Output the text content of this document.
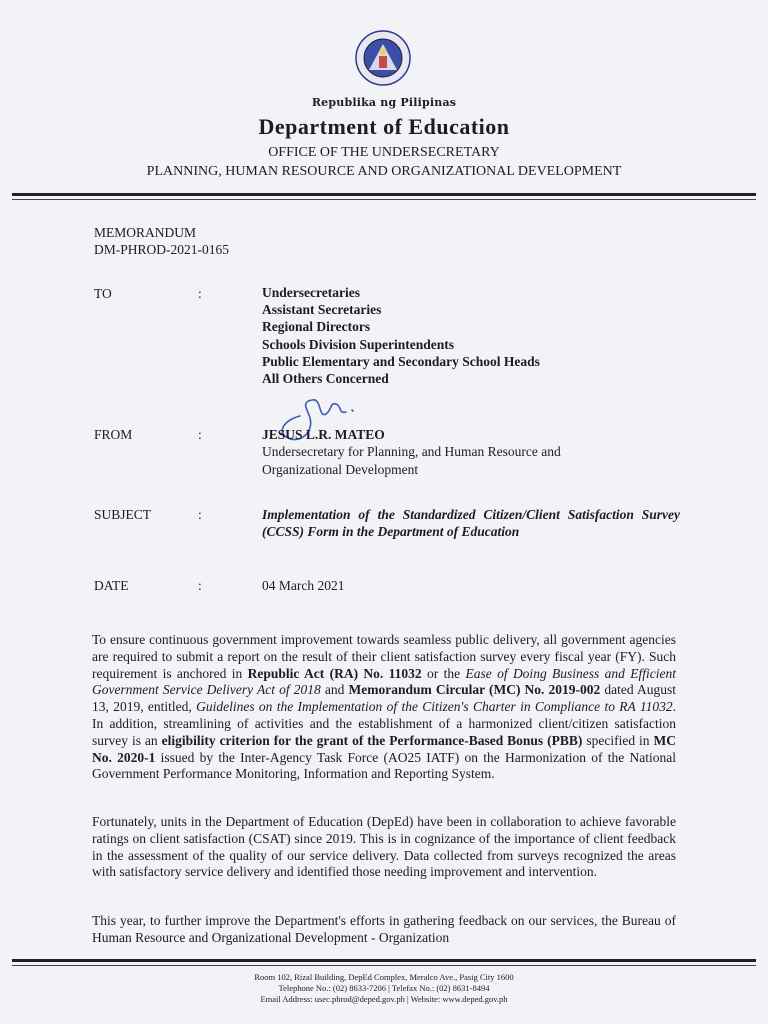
Republika ng Pilipinas
Department of Education
OFFICE OF THE UNDERSECRETARY
PLANNING, HUMAN RESOURCE AND ORGANIZATIONAL DEVELOPMENT
MEMORANDUM
DM-PHROD-2021-0165
TO	:	Undersecretaries
Assistant Secretaries
Regional Directors
Schools Division Superintendents
Public Elementary and Secondary School Heads
All Others Concerned
FROM	:	JESUS L.R. MATEO
Undersecretary for Planning, and Human Resource and Organizational Development
SUBJECT	:	Implementation of the Standardized Citizen/Client Satisfaction Survey (CCSS) Form in the Department of Education
DATE	:	04 March 2021

To ensure continuous government improvement towards seamless public delivery, all government agencies are required to submit a report on the result of their client satisfaction survey every fiscal year (FY). Such requirement is anchored in Republic Act (RA) No. 11032 or the Ease of Doing Business and Efficient Government Service Delivery Act of 2018 and Memorandum Circular (MC) No. 2019-002 dated August 13, 2019, entitled, Guidelines on the Implementation of the Citizen's Charter in Compliance to RA 11032. In addition, streamlining of activities and the establishment of a harmonized client/citizen satisfaction survey is an eligibility criterion for the grant of the Performance-Based Bonus (PBB) specified in MC No. 2020-1 issued by the Inter-Agency Task Force (AO25 IATF) on the Harmonization of the National Government Performance Monitoring, Information and Reporting System.

Fortunately, units in the Department of Education (DepEd) have been in collaboration to achieve favorable ratings on client satisfaction (CSAT) since 2019. This is in cognizance of the importance of client feedback in the assessment of the quality of our service delivery. Data collected from surveys recognized the areas with satisfactory service delivery and identified those needing improvement and intervention.

This year, to further improve the Department's efforts in gathering feedback on our services, the Bureau of Human Resource and Organizational Development - Organization

Room 102, Rizal Building, DepEd Complex, Meralco Ave., Pasig City 1600
Telephone No.: (02) 8633-7206 | Telefax No.: (02) 8631-8494
Email Address: usec.phrod@deped.gov.ph | Website: www.deped.gov.ph
